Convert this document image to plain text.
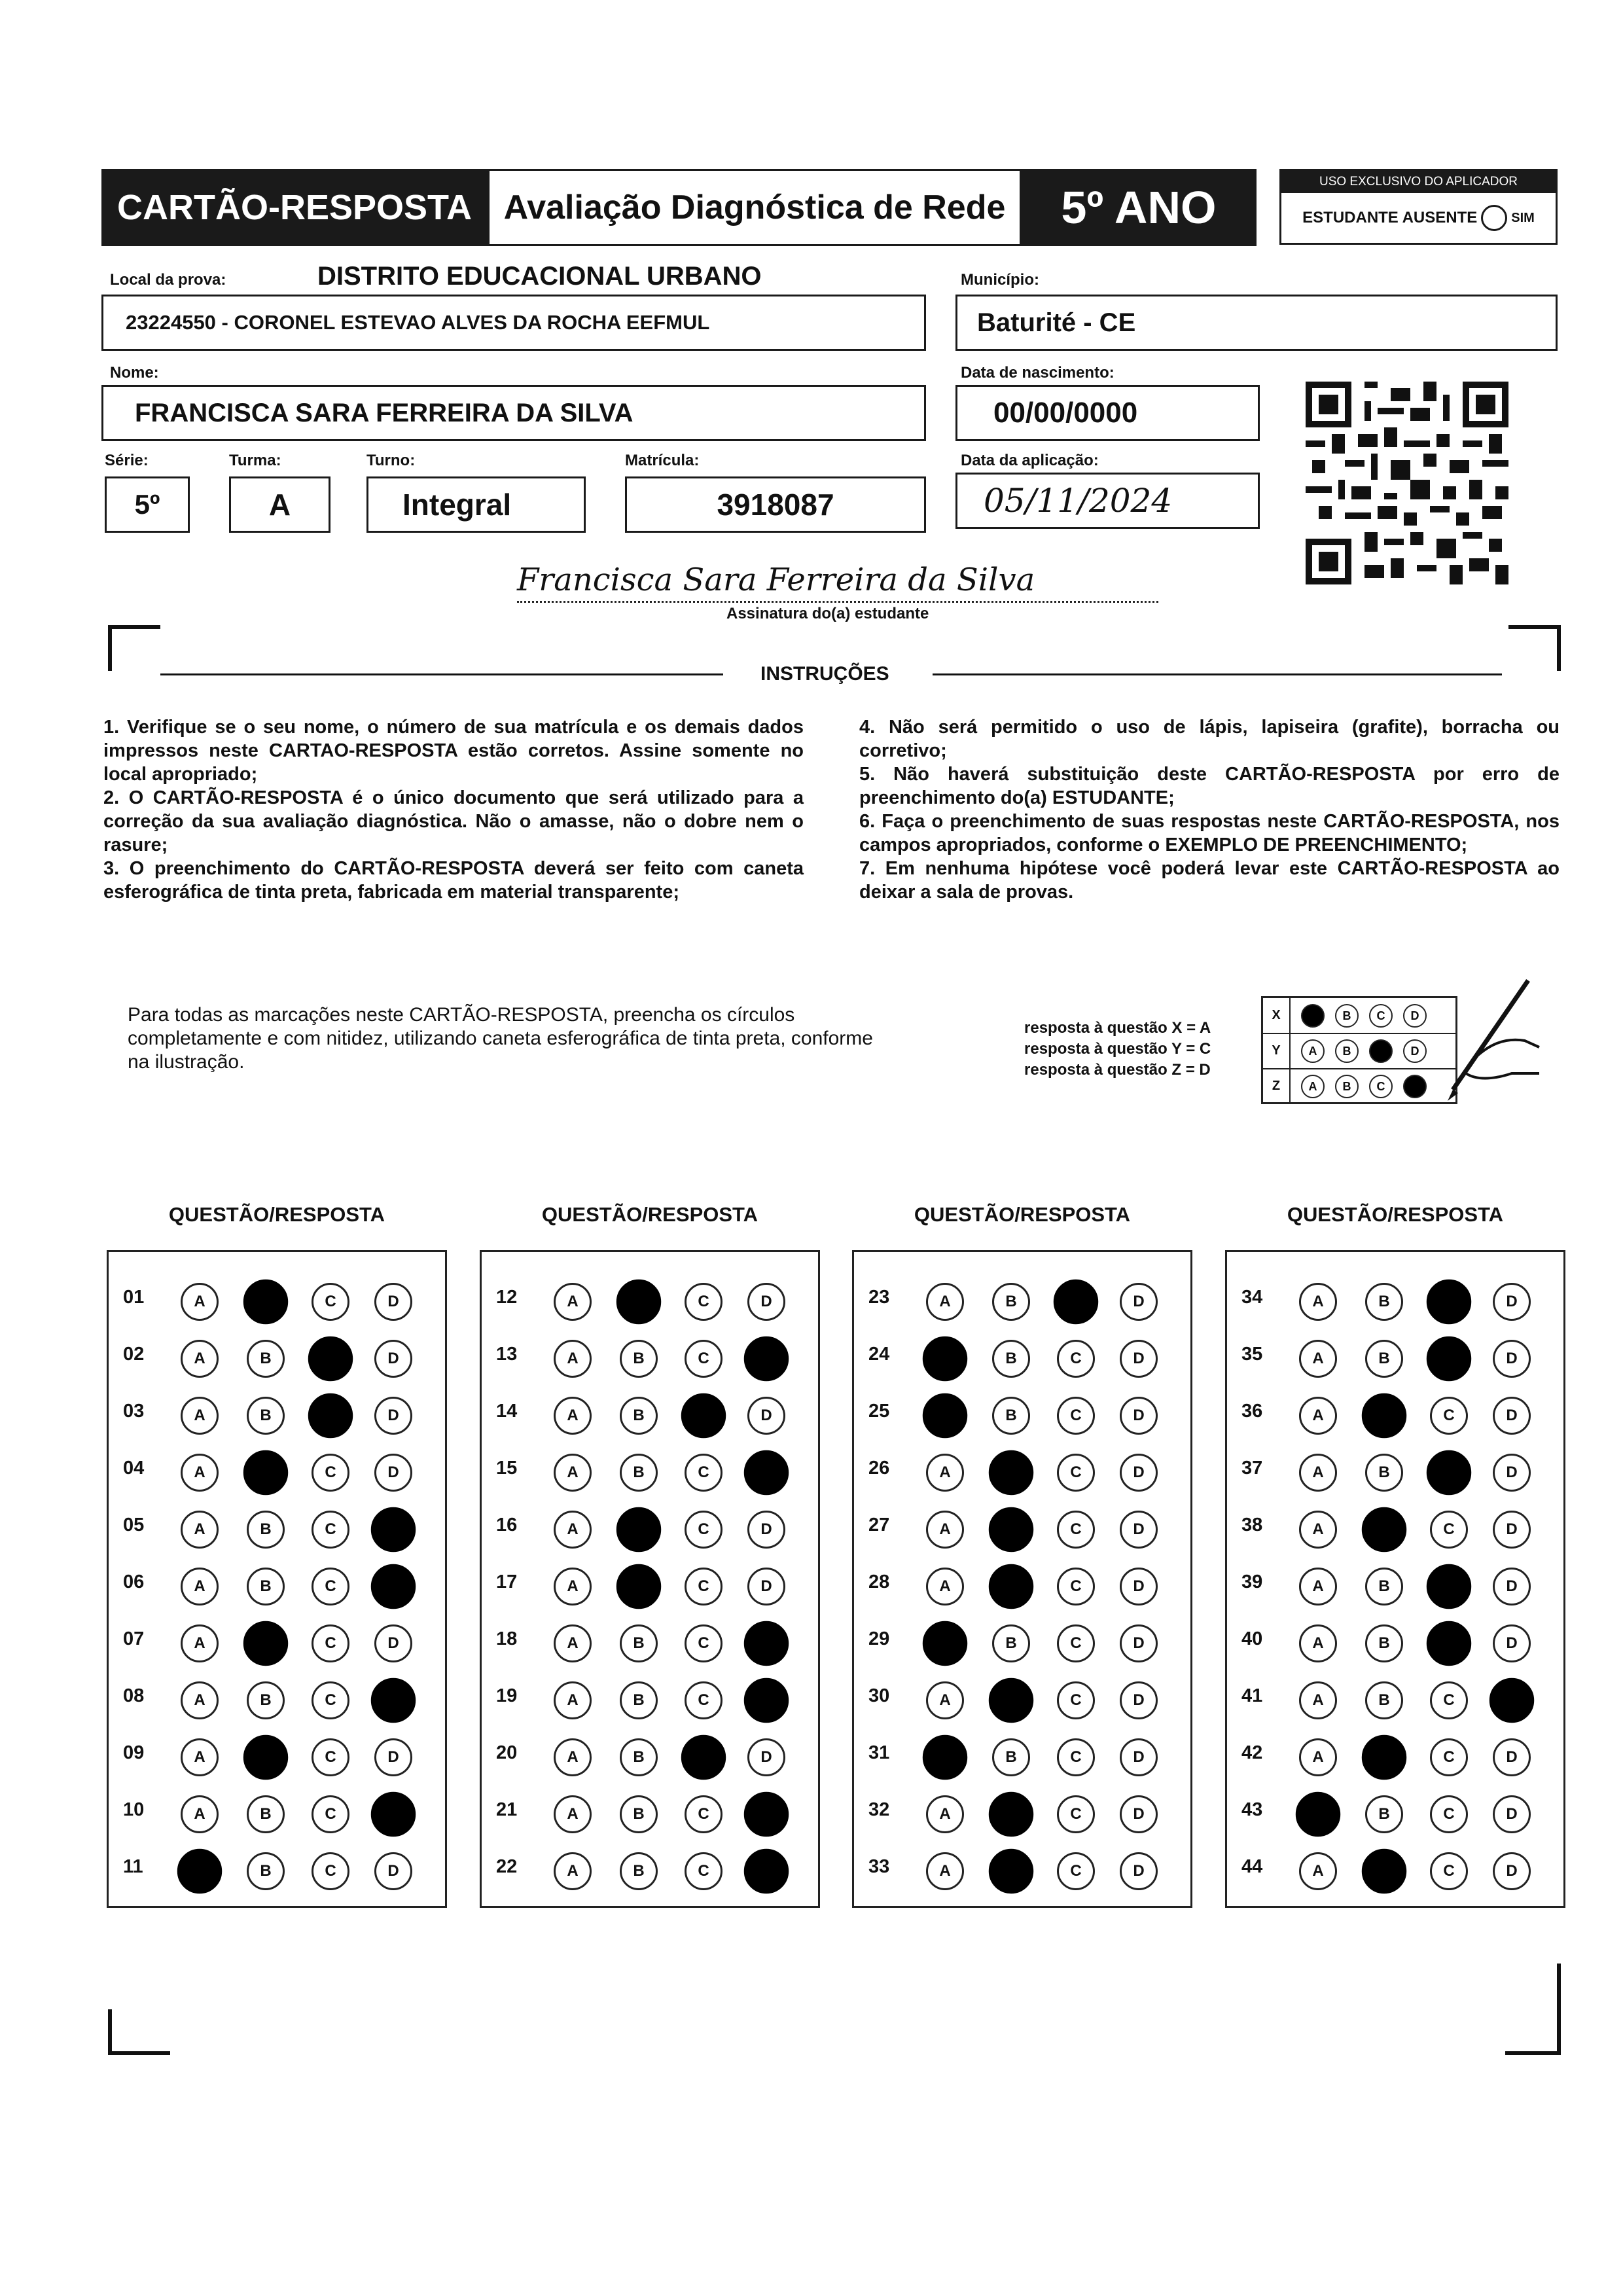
CARTÃO-RESPOSTA Avaliação Diagnóstica de Rede	5º ANO
USO EXCLUSIVO DO APLICADOR
ESTUDANTE AUSENTE	SIM
Local da prova:	DISTRITO EDUCACIONAL URBANO
23224550 - CORONEL ESTEVAO ALVES DA ROCHA EEFMUL
Município:
Baturité - CE
Nome:
FRANCISCA SARA FERREIRA DA SILVA
Data de nascimento:
00/00/0000
Série:
5º
Turma:
A
Turno:
Integral
Matrícula:
3918087
Data da aplicação:
05/11/2024
Francisca Sara Ferreira da Silva
Assinatura do(a) estudante
INSTRUÇÕES

1. Verifique se o seu nome, o número de sua matrícula e os demais dados impressos neste CARTAO-RESPOSTA estão corretos. Assine somente no local apropriado;

2. O CARTÃO-RESPOSTA é o único documento que será utilizado para a correção da sua avaliação diagnóstica. Não o amasse, não o dobre nem o rasure;

3. O preenchimento do CARTÃO-RESPOSTA deverá ser feito com caneta esferográfica de tinta preta, fabricada em material transparente;

4. Não será permitido o uso de lápis, lapiseira (grafite), borracha ou corretivo;

5. Não haverá substituição deste CARTÃO-RESPOSTA por erro de preenchimento do(a) ESTUDANTE;

6. Faça o preenchimento de suas respostas neste CARTÃO-RESPOSTA, nos campos apropriados, conforme o EXEMPLO DE PREENCHIMENTO;

7. Em nenhuma hipótese você poderá levar este CARTÃO-RESPOSTA ao deixar a sala de provas.

Para todas as marcações neste CARTÃO-RESPOSTA, preencha os círculos completamente e com nitidez, utilizando caneta esferográfica de tinta preta, conforme na ilustração.
resposta à questão X = A
resposta à questão Y = C
resposta à questão Z = D
X	A	B	C	D
Y	A	B	C	D
Z	A	B	C	D
QUESTÃO/RESPOSTA
01	A	B	C	D
02	A	B	C	D
03	A	B	C	D
04	A	B	C	D
05	A	B	C	D
06	A	B	C	D
07	A	B	C	D
08	A	B	C	D
09	A	B	C	D
10	A	B	C	D
11	A	B	C	D
QUESTÃO/RESPOSTA
12	A	B	C	D
13	A	B	C	D
14	A	B	C	D
15	A	B	C	D
16	A	B	C	D
17	A	B	C	D
18	A	B	C	D
19	A	B	C	D
20	A	B	C	D
21	A	B	C	D
22	A	B	C	D
QUESTÃO/RESPOSTA
23	A	B	C	D
24	A	B	C	D
25	A	B	C	D
26	A	B	C	D
27	A	B	C	D
28	A	B	C	D
29	A	B	C	D
30	A	B	C	D
31	A	B	C	D
32	A	B	C	D
33	A	B	C	D
QUESTÃO/RESPOSTA
34	A	B	C	D
35	A	B	C	D
36	A	B	C	D
37	A	B	C	D
38	A	B	C	D
39	A	B	C	D
40	A	B	C	D
41	A	B	C	D
42	A	B	C	D
43	A	B	C	D
44	A	B	C	D
